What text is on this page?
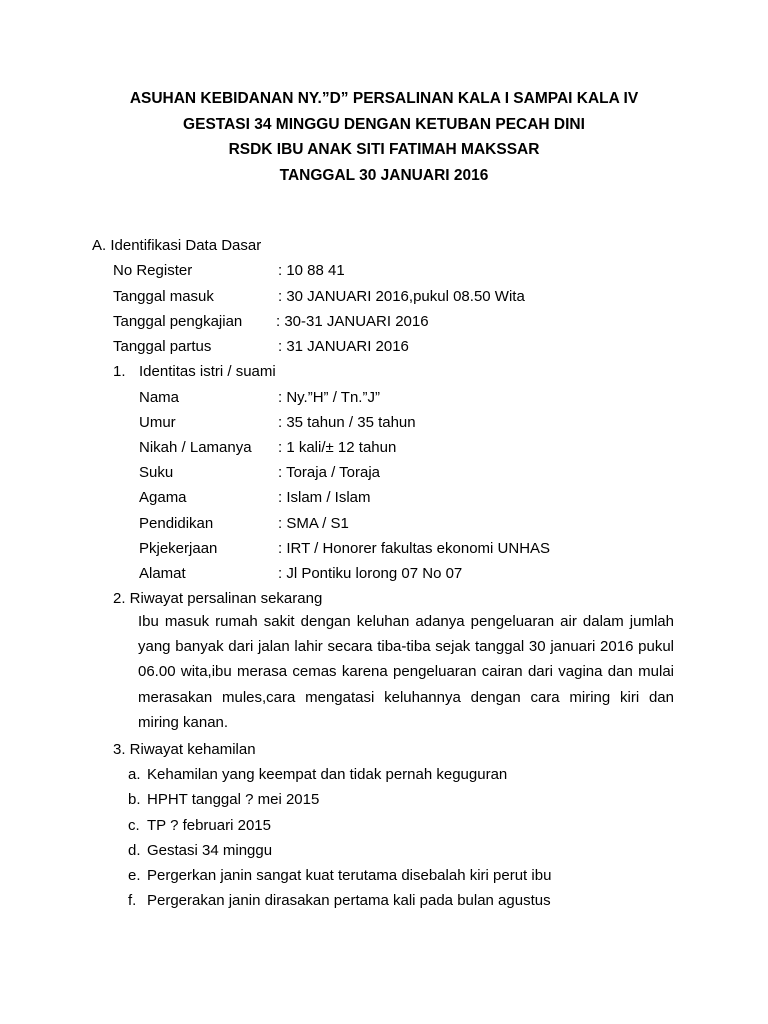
ASUHAN KEBIDANAN NY.”D” PERSALINAN KALA I SAMPAI KALA IV
GESTASI 34 MINGGU DENGAN KETUBAN PECAH DINI
RSDK IBU ANAK SITI FATIMAH MAKSSAR
TANGGAL 30 JANUARI 2016
A. Identifikasi Data Dasar
No Register	: 10 88 41
Tanggal masuk	: 30 JANUARI 2016,pukul 08.50 Wita
Tanggal pengkajian : 30-31 JANUARI 2016
Tanggal partus	: 31 JANUARI 2016
1. Identitas istri / suami
Nama	: Ny.”H” / Tn.”J”
Umur	: 35 tahun / 35 tahun
Nikah / Lamanya : 1 kali/± 12 tahun
Suku	: Toraja / Toraja
Agama	: Islam / Islam
Pendidikan	: SMA / S1
Pkjekerjaan	: IRT / Honorer fakultas ekonomi UNHAS
Alamat	: Jl Pontiku lorong 07 No 07
2. Riwayat persalinan sekarang
Ibu masuk rumah sakit dengan keluhan adanya pengeluaran air dalam jumlah yang banyak dari jalan lahir secara tiba-tiba sejak tanggal 30 januari 2016 pukul 06.00 wita,ibu merasa cemas karena pengeluaran cairan dari vagina dan mulai merasakan mules,cara mengatasi keluhannya dengan cara miring kiri dan miring kanan.
3. Riwayat kehamilan
a. Kehamilan yang keempat dan tidak pernah keguguran
b. HPHT tanggal ? mei 2015
c. TP ? februari 2015
d. Gestasi 34 minggu
e. Pergerkan janin sangat kuat terutama disebalah kiri perut ibu
f. Pergerakan janin dirasakan pertama kali pada bulan agustus
